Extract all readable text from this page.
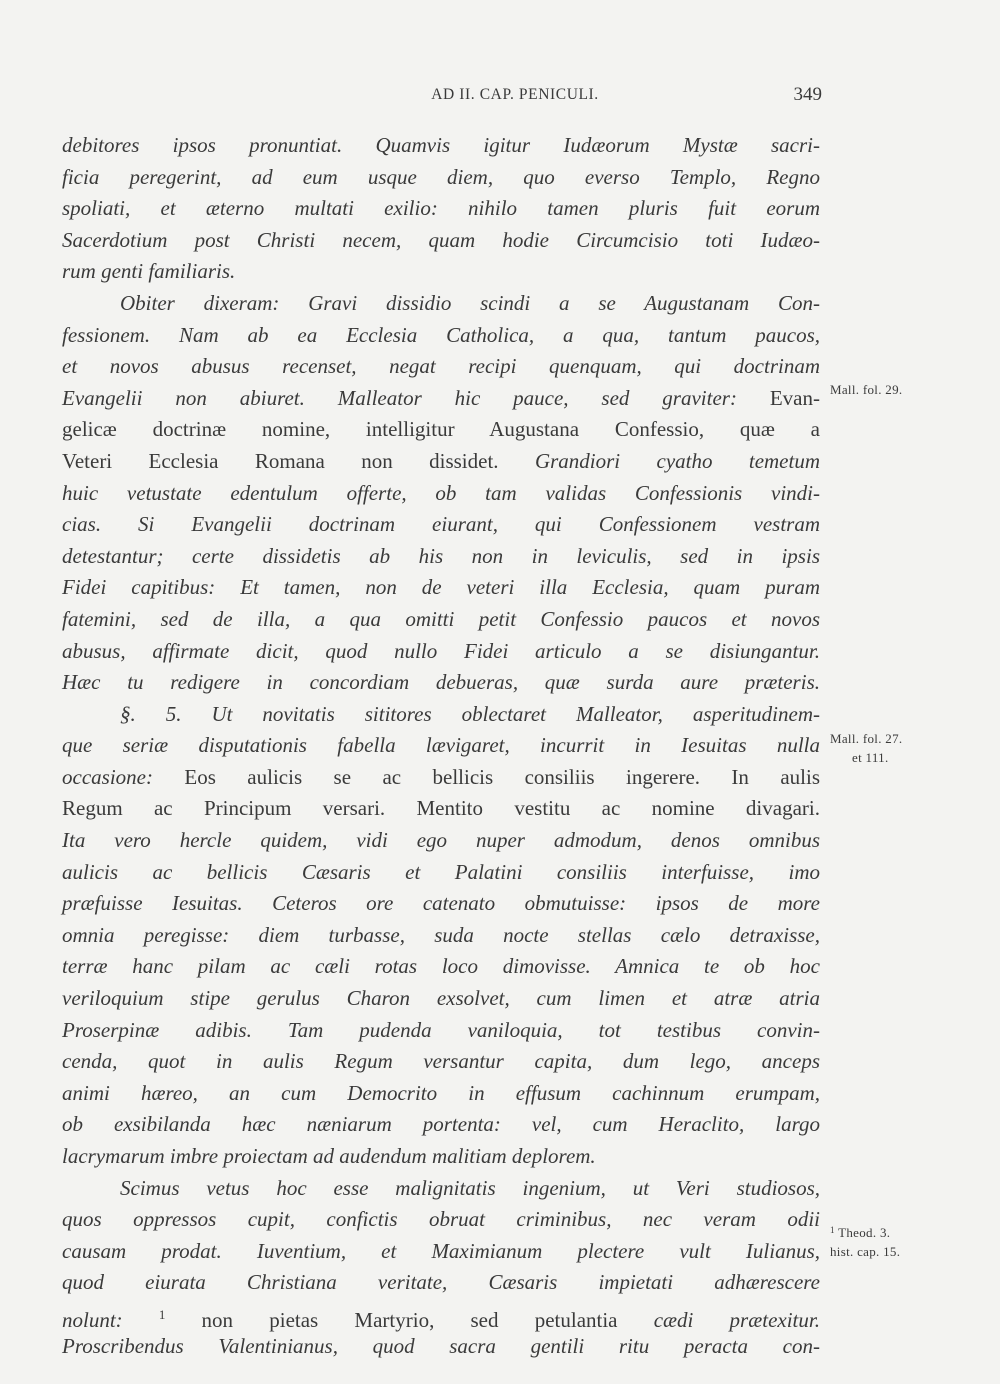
AD II. CAP. PENICULI.	349
debitores ipsos pronuntiat. Quamvis igitur Iudæorum Mystæ sacri-
ficia peregerint, ad eum usque diem, quo everso Templo, Regno
spoliati, et æterno multati exilio: nihilo tamen pluris fuit eorum
Sacerdotium post Christi necem, quam hodie Circumcisio toti Iudæo-
rum genti familiaris.
Obiter dixeram: Gravi dissidio scindi a se Augustanam Con-
fessionem. Nam ab ea Ecclesia Catholica, a qua, tantum paucos,
et novos abusus recenset, negat recipi quenquam, qui doctrinam
Evangelii non abiuret. Malleator hic pauce, sed graviter: Evan-
gelicæ doctrinæ nomine, intelligitur Augustana Confessio, quæ a
Veteri Ecclesia Romana non dissidet. Grandiori cyatho temetum
huic vetustate edentulum offerte, ob tam validas Confessionis vindi-
cias. Si Evangelii doctrinam eiurant, qui Confessionem vestram
detestantur; certe dissidetis ab his non in leviculis, sed in ipsis
Fidei capitibus: Et tamen, non de veteri illa Ecclesia, quam puram
fatemini, sed de illa, a qua omitti petit Confessio paucos et novos
abusus, affirmate dicit, quod nullo Fidei articulo a se disiungantur.
Hæc tu redigere in concordiam debueras, quæ surda aure præteris.
§. 5. Ut novitatis sititores oblectaret Malleator, asperitudinem-
que seriæ disputationis fabella lævigaret, incurrit in Iesuitas nulla
occasione: Eos aulicis se ac bellicis consiliis ingerere. In aulis
Regum ac Principum versari. Mentito vestitu ac nomine divagari.
Ita vero hercle quidem, vidi ego nuper admodum, denos omnibus
aulicis ac bellicis Cæsaris et Palatini consiliis interfuisse, imo
præfuisse Iesuitas. Ceteros ore catenato obmutuisse: ipsos de more
omnia peregisse: diem turbasse, suda nocte stellas cælo detraxisse,
terræ hanc pilam ac cæli rotas loco dimovisse. Amnica te ob hoc
veriloquium stipe gerulus Charon exsolvet, cum limen et atræ atria
Proserpinæ adibis. Tam pudenda vaniloquia, tot testibus convin-
cenda, quot in aulis Regum versantur capita, dum lego, anceps
animi hæreo, an cum Democrito in effusum cachinnum erumpam,
ob exsibilanda hæc næniarum portenta: vel, cum Heraclito, largo
lacrymarum imbre proiectam ad audendum malitiam deplorem.
Scimus vetus hoc esse malignitatis ingenium, ut Veri studiosos,
quos oppressos cupit, confictis obruat criminibus, nec veram odii
causam prodat. Iuventium, et Maximianum plectere vult Iulianus,
quod eiurata Christiana veritate, Cæsaris impietati adhærescere
nolunt: $^1$ non pietas Martyrio, sed petulantia cædi prætexitur.
Proscribendus Valentinianus, quod sacra gentili ritu peracta con-
Mall. fol. 29.
Mall. fol. 27.
et 111.
$^1$ Theod. 3.
hist. cap. 15.
